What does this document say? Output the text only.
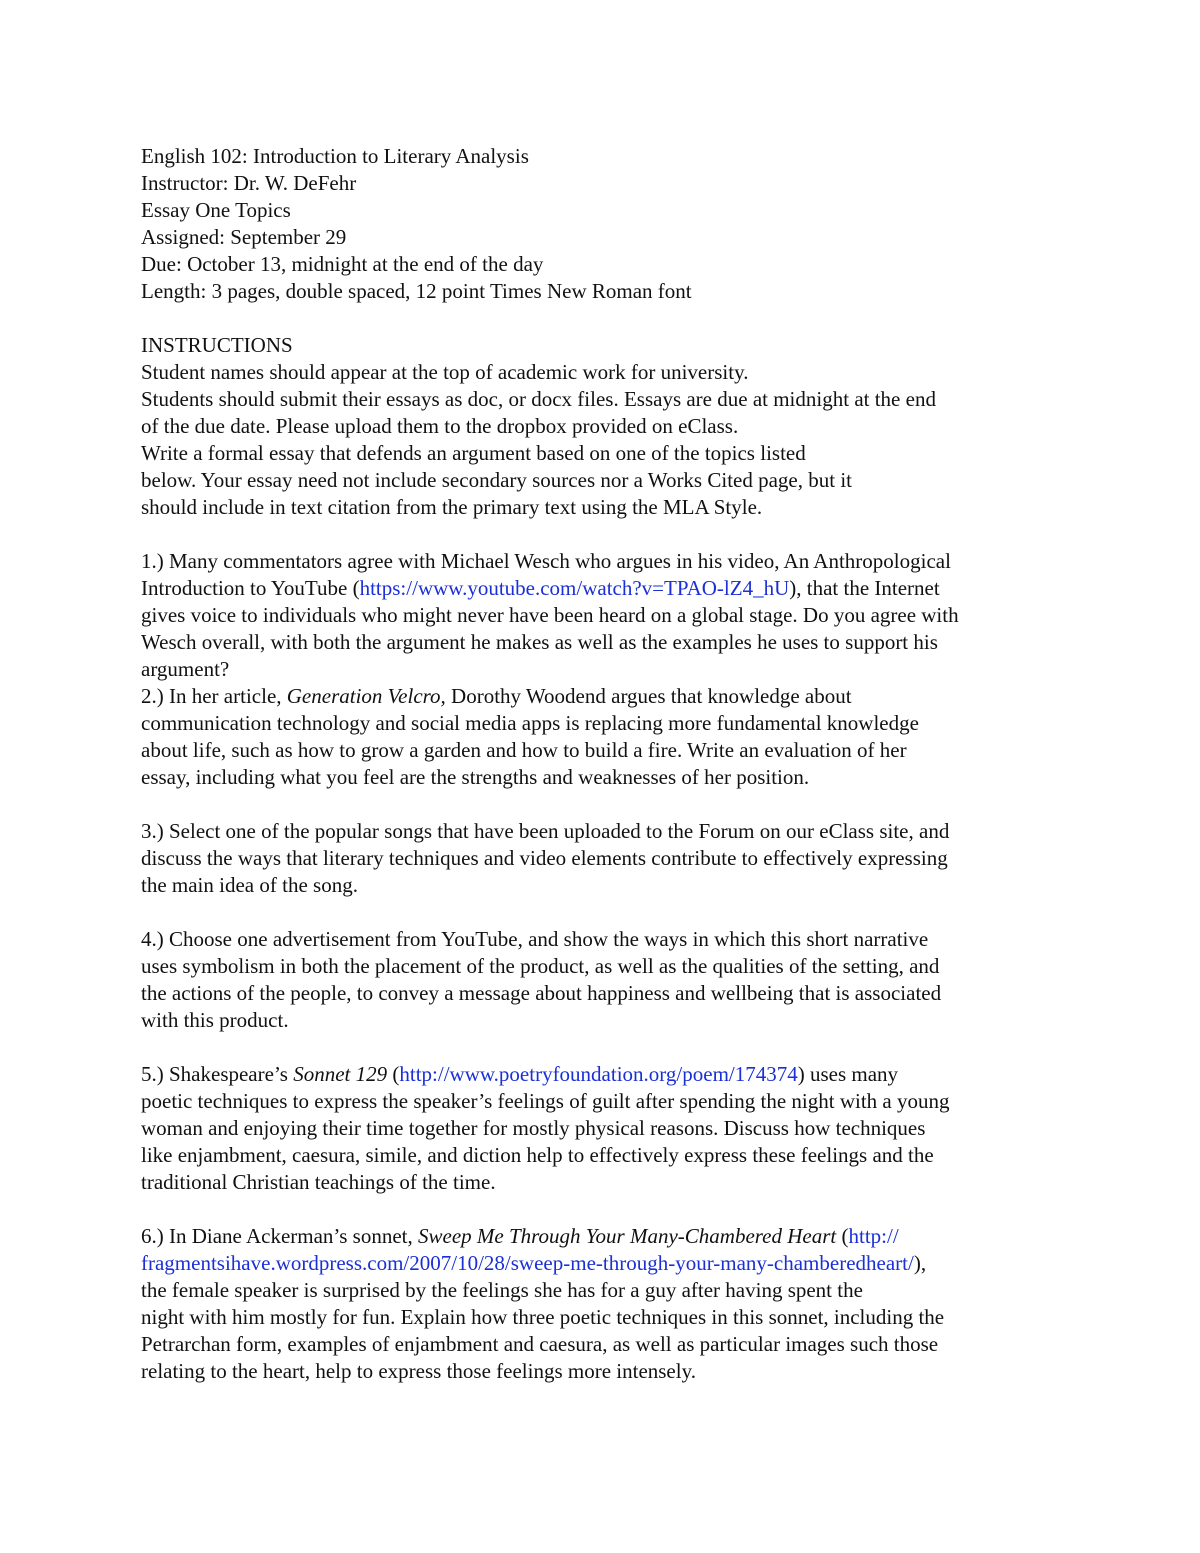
English 102: Introduction to Literary Analysis
Instructor: Dr. W. DeFehr
Essay One Topics
Assigned: September 29
Due: October 13, midnight at the end of the day
Length: 3 pages, double spaced, 12 point Times New Roman font
INSTRUCTIONS
Student names should appear at the top of academic work for university.
Students should submit their essays as doc, or docx files. Essays are due at midnight at the end
of the due date. Please upload them to the dropbox provided on eClass.
Write a formal essay that defends an argument based on one of the topics listed
below. Your essay need not include secondary sources nor a Works Cited page, but it
should include in text citation from the primary text using the MLA Style.
1.) Many commentators agree with Michael Wesch who argues in his video, An Anthropological
Introduction to YouTube (https://www.youtube.com/watch?v=TPAO-lZ4_hU), that the Internet
gives voice to individuals who might never have been heard on a global stage. Do you agree with
Wesch overall, with both the argument he makes as well as the examples he uses to support his
argument?
2.) In her article, Generation Velcro, Dorothy Woodend argues that knowledge about
communication technology and social media apps is replacing more fundamental knowledge
about life, such as how to grow a garden and how to build a fire. Write an evaluation of her
essay, including what you feel are the strengths and weaknesses of her position.
3.) Select one of the popular songs that have been uploaded to the Forum on our eClass site, and
discuss the ways that literary techniques and video elements contribute to effectively expressing
the main idea of the song.
4.) Choose one advertisement from YouTube, and show the ways in which this short narrative
uses symbolism in both the placement of the product, as well as the qualities of the setting, and
the actions of the people, to convey a message about happiness and wellbeing that is associated
with this product.
5.) Shakespeare’s Sonnet 129 (http://www.poetryfoundation.org/poem/174374) uses many
poetic techniques to express the speaker’s feelings of guilt after spending the night with a young
woman and enjoying their time together for mostly physical reasons. Discuss how techniques
like enjambment, caesura, simile, and diction help to effectively express these feelings and the
traditional Christian teachings of the time.
6.) In Diane Ackerman’s sonnet, Sweep Me Through Your Many-Chambered Heart (http://
fragmentsihave.wordpress.com/2007/10/28/sweep-me-through-your-many-chamberedheart/),
the female speaker is surprised by the feelings she has for a guy after having spent the
night with him mostly for fun. Explain how three poetic techniques in this sonnet, including the
Petrarchan form, examples of enjambment and caesura, as well as particular images such those
relating to the heart, help to express those feelings more intensely.
